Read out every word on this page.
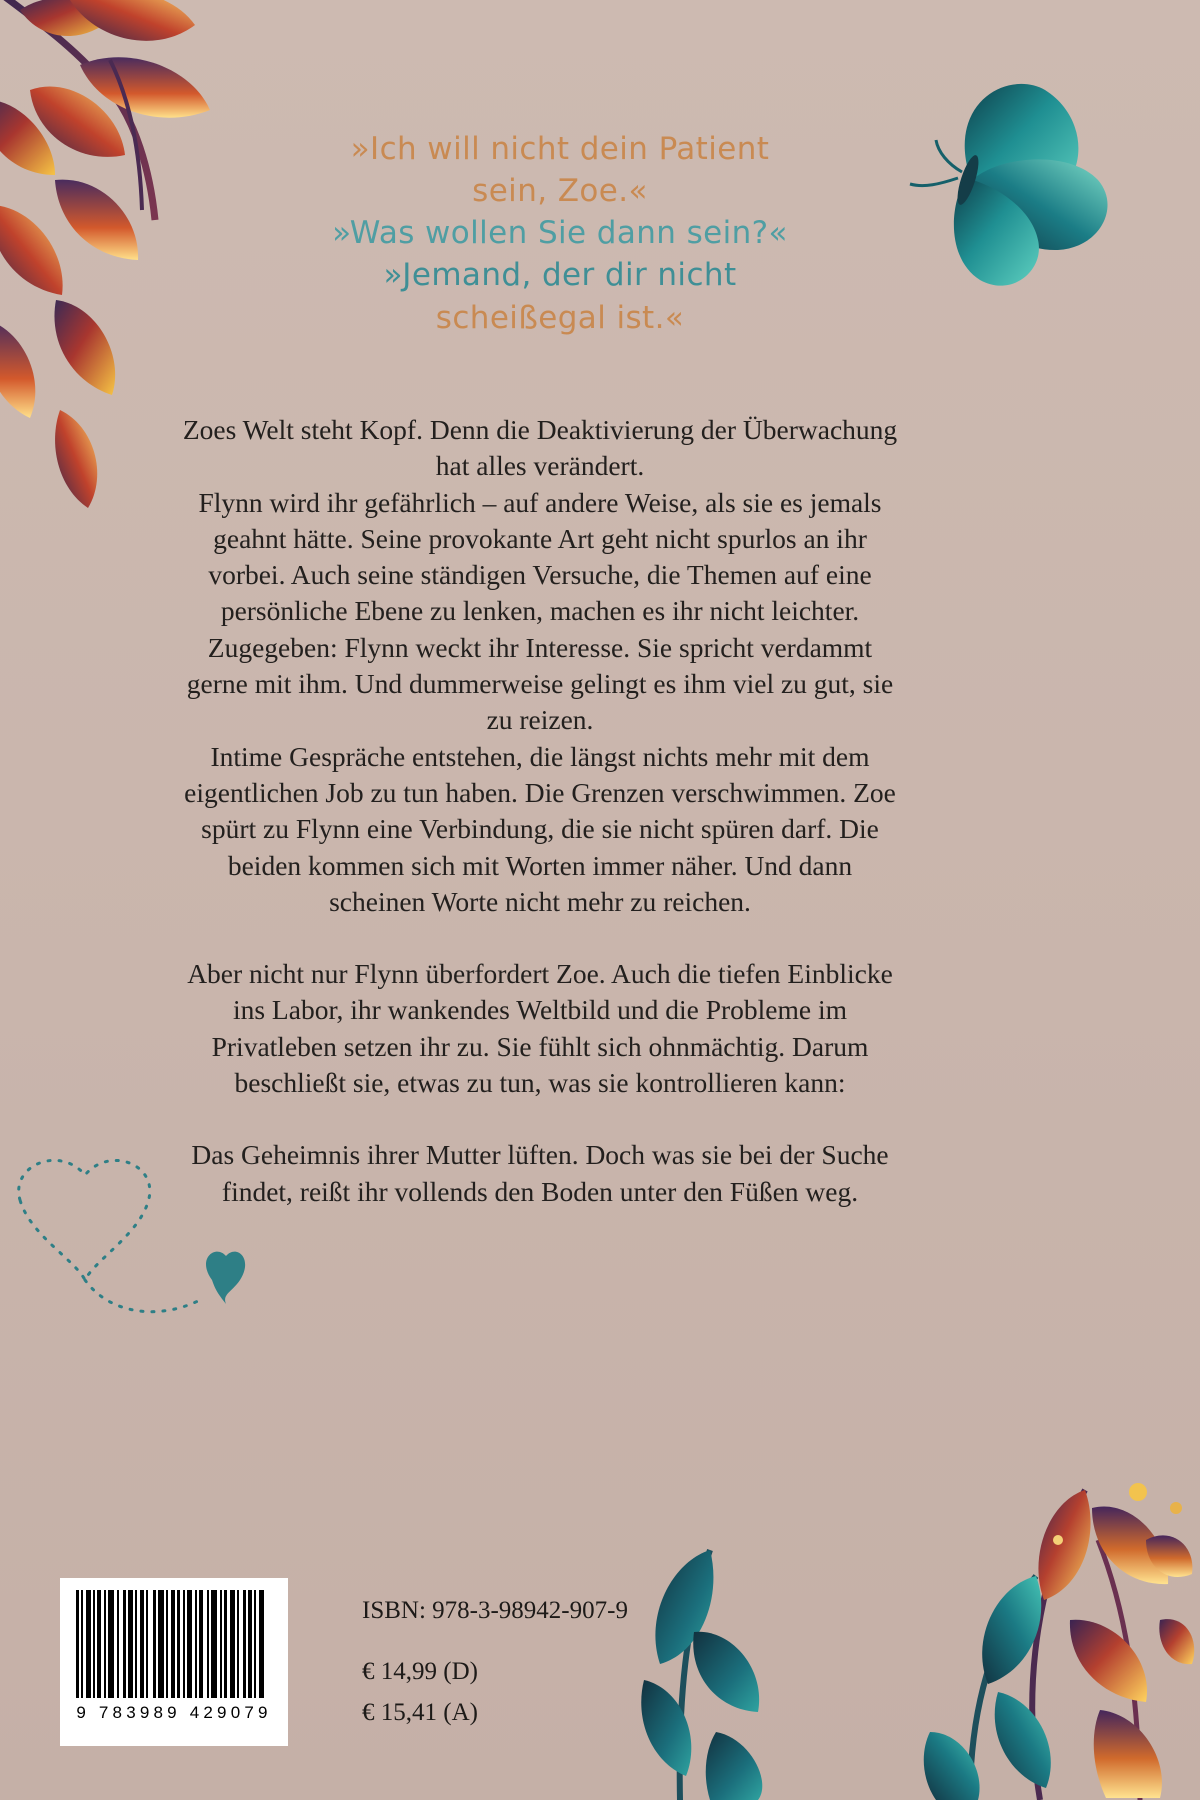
»Ich will nicht dein Patient
sein, Zoe.«
»Was wollen Sie dann sein?«
»Jemand, der dir nicht
scheißegal ist.«

Zoes Welt steht Kopf. Denn die Deaktivierung der Überwachung hat alles verändert.

Flynn wird ihr gefährlich – auf andere Weise, als sie es jemals geahnt hätte. Seine provokante Art geht nicht spurlos an ihr vorbei. Auch seine ständigen Versuche, die Themen auf eine persönliche Ebene zu lenken, machen es ihr nicht leichter.

Zugegeben: Flynn weckt ihr Interesse. Sie spricht verdammt gerne mit ihm. Und dummerweise gelingt es ihm viel zu gut, sie zu reizen.

Intime Gespräche entstehen, die längst nichts mehr mit dem eigentlichen Job zu tun haben. Die Grenzen verschwimmen. Zoe spürt zu Flynn eine Verbindung, die sie nicht spüren darf. Die beiden kommen sich mit Worten immer näher. Und dann scheinen Worte nicht mehr zu reichen.

Aber nicht nur Flynn überfordert Zoe. Auch die tiefen Einblicke ins Labor, ihr wankendes Weltbild und die Probleme im Privatleben setzen ihr zu. Sie fühlt sich ohnmächtig. Darum beschließt sie, etwas zu tun, was sie kontrollieren kann:

Das Geheimnis ihrer Mutter lüften. Doch was sie bei der Suche findet, reißt ihr vollends den Boden unter den Füßen weg.

9 783989 429079
ISBN: 978-3-98942-907-9
€ 14,99 (D)
€ 15,41 (A)
